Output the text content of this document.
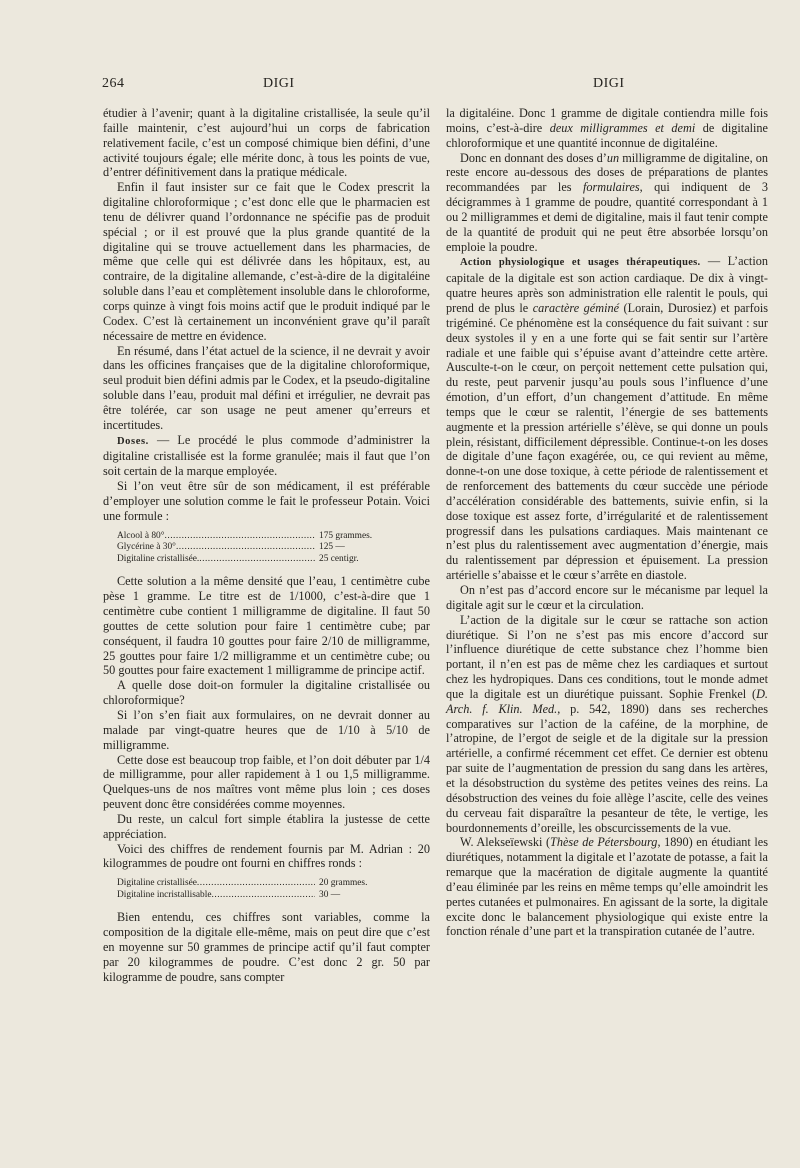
264	DIGI	DIGI

étudier à l’avenir; quant à la digitaline cristallisée, la seule qu’il faille maintenir, c’est aujourd’hui un corps de fabrication relativement facile, c’est un composé chimique bien défini, d’une activité toujours égale; elle mérite donc, à tous les points de vue, d’entrer définitivement dans la pratique médicale.

Enfin il faut insister sur ce fait que le Codex prescrit la digitaline chloroformique ; c’est donc elle que le pharmacien est tenu de délivrer quand l’ordonnance ne spécifie pas de produit spécial ; or il est prouvé que la plus grande quantité de la digitaline qui se trouve actuellement dans les pharmacies, de même que celle qui est délivrée dans les hôpitaux, est, au contraire, de la digitaline allemande, c’est-à-dire de la digitaléine soluble dans l’eau et complètement insoluble dans le chloroforme, corps quinze à vingt fois moins actif que le produit indiqué par le Codex. C’est là certainement un inconvénient grave qu’il paraît nécessaire de mettre en évidence.

En résumé, dans l’état actuel de la science, il ne devrait y avoir dans les officines françaises que de la digitaline chloroformique, seul produit bien défini admis par le Codex, et la pseudo-digitaline soluble dans l’eau, produit mal défini et irrégulier, ne devrait pas être tolérée, car son usage ne peut amener qu’erreurs et incertitudes.

Doses. — Le procédé le plus commode d’administrer la digitaline cristallisée est la forme granulée; mais il faut que l’on soit certain de la marque employée.

Si l’on veut être sûr de son médicament, il est préférable d’employer une solution comme le fait le professeur Potain. Voici une formule :

Alcool à 80° .....	175 grammes.
Glycérine à 30° .....	125 —
Digitaline cristallisée. .....	25 centigr.

Cette solution a la même densité que l’eau, 1 centimètre cube pèse 1 gramme. Le titre est de 1/1000, c’est-à-dire que 1 centimètre cube contient 1 milligramme de digitaline. Il faut 50 gouttes de cette solution pour faire 1 centimètre cube; par conséquent, il faudra 10 gouttes pour faire 2/10 de milligramme, 25 gouttes pour faire 1/2 milligramme et un centimètre cube; ou 50 gouttes pour faire exactement 1 milligramme de principe actif.

A quelle dose doit-on formuler la digitaline cristallisée ou chloroformique?

Si l’on s’en fiait aux formulaires, on ne devrait donner au malade par vingt-quatre heures que de 1/10 à 5/10 de milligramme.

Cette dose est beaucoup trop faible, et l’on doit débuter par 1/4 de milligramme, pour aller rapidement à 1 ou 1,5 milligramme. Quelques-uns de nos maîtres vont même plus loin ; ces doses peuvent donc être considérées comme moyennes.

Du reste, un calcul fort simple établira la justesse de cette appréciation.

Voici des chiffres de rendement fournis par M. Adrian : 20 kilogrammes de poudre ont fourni en chiffres ronds :

Digitaline cristallisée .....	20 grammes.
Digitaline incristallisable .....	30 —

Bien entendu, ces chiffres sont variables, comme la composition de la digitale elle-même, mais on peut dire que c’est en moyenne sur 50 grammes de principe actif qu’il faut compter par 20 kilogrammes de poudre. C’est donc 2 gr. 50 par kilogramme de poudre, sans compter

la digitaléine. Donc 1 gramme de digitale contiendra mille fois moins, c’est-à-dire deux milligrammes et demi de digitaline chloroformique et une quantité inconnue de digitaléine.

Donc en donnant des doses d’un milligramme de digitaline, on reste encore au-dessous des doses de préparations de plantes recommandées par les formulaires, qui indiquent de 3 décigrammes à 1 gramme de poudre, quantité correspondant à 1 ou 2 milligrammes et demi de digitaline, mais il faut tenir compte de la quantité de produit qui ne peut être absorbée lorsqu’on emploie la poudre.

Action physiologique et usages thérapeutiques. — L’action capitale de la digitale est son action cardiaque. De dix à vingt-quatre heures après son administration elle ralentit le pouls, qui prend de plus le caractère géminé (Lorain, Durosiez) et parfois trigéminé. Ce phénomène est la conséquence du fait suivant : sur deux systoles il y en a une forte qui se fait sentir sur l’artère radiale et une faible qui s’épuise avant d’atteindre cette artère. Ausculte-t-on le cœur, on perçoit nettement cette pulsation qui, du reste, peut parvenir jusqu’au pouls sous l’influence d’une émotion, d’un effort, d’un changement d’attitude. En même temps que le cœur se ralentit, l’énergie de ses battements augmente et la pression artérielle s’élève, se qui donne un pouls plein, résistant, difficilement dépressible. Continue-t-on les doses de digitale d’une façon exagérée, ou, ce qui revient au même, donne-t-on une dose toxique, à cette période de ralentissement et de renforcement des battements du cœur succède une période d’accélération considérable des battements, suivie enfin, si la dose toxique est assez forte, d’irrégularité et de ralentissement progressif dans les pulsations cardiaques. Mais maintenant ce n’est plus du ralentissement avec augmentation d’énergie, mais du ralentissement par dépression et épuisement. La pression artérielle s’abaisse et le cœur s’arrête en diastole.

On n’est pas d’accord encore sur le mécanisme par lequel la digitale agit sur le cœur et la circulation.

L’action de la digitale sur le cœur se rattache son action diurétique. Si l’on ne s’est pas mis encore d’accord sur l’influence diurétique de cette substance chez l’homme bien portant, il n’en est pas de même chez les cardiaques et surtout chez les hydropiques. Dans ces conditions, tout le monde admet que la digitale est un diurétique puissant. Sophie Frenkel (D. Arch. f. Klin. Med., p. 542, 1890) dans ses recherches comparatives sur l’action de la caféine, de la morphine, de l’atropine, de l’ergot de seigle et de la digitale sur la pression artérielle, a confirmé récemment cet effet. Ce dernier est obtenu par suite de l’augmentation de pression du sang dans les artères, et la désobstruction du système des petites veines des reins. La désobstruction des veines du foie allège l’ascite, celle des veines du cerveau fait disparaître la pesanteur de tête, le vertige, les bourdonnements d’oreille, les obscurcissements de la vue.

W. Alekseïewski (Thèse de Pétersbourg, 1890) en étudiant les diurétiques, notamment la digitale et l’azotate de potasse, a fait la remarque que la macération de digitale augmente la quantité d’eau éliminée par les reins en même temps qu’elle amoindrit les pertes cutanées et pulmonaires. En agissant de la sorte, la digitale excite donc le balancement physiologique qui existe entre la fonction rénale d’une part et la transpiration cutanée de l’autre.
